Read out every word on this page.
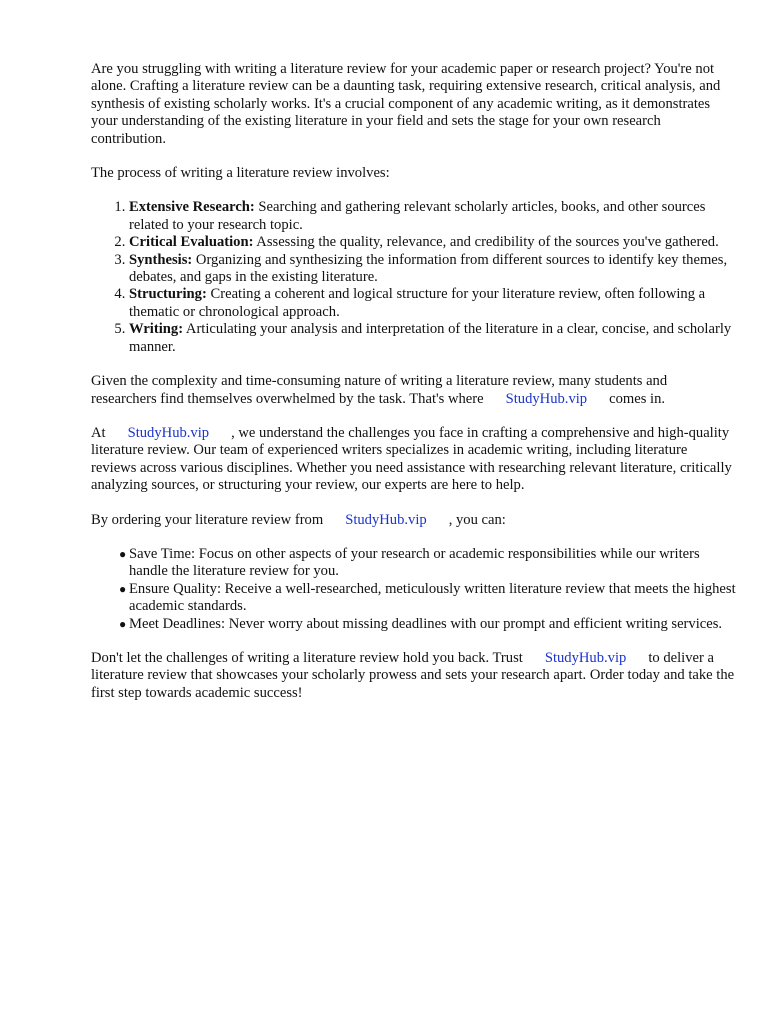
Are you struggling with writing a literature review for your academic paper or research project? You're not alone. Crafting a literature review can be a daunting task, requiring extensive research, critical analysis, and synthesis of existing scholarly works. It's a crucial component of any academic writing, as it demonstrates your understanding of the existing literature in your field and sets the stage for your own research contribution.

The process of writing a literature review involves:

1. Extensive Research: Searching and gathering relevant scholarly articles, books, and other sources related to your research topic.
2. Critical Evaluation: Assessing the quality, relevance, and credibility of the sources you've gathered.
3. Synthesis: Organizing and synthesizing the information from different sources to identify key themes, debates, and gaps in the existing literature.
4. Structuring: Creating a coherent and logical structure for your literature review, often following a thematic or chronological approach.
5. Writing: Articulating your analysis and interpretation of the literature in a clear, concise, and scholarly manner.

Given the complexity and time-consuming nature of writing a literature review, many students and researchers find themselves overwhelmed by the task. That's where StudyHub.vip comes in.

At StudyHub.vip , we understand the challenges you face in crafting a comprehensive and high-quality literature review. Our team of experienced writers specializes in academic writing, including literature reviews across various disciplines. Whether you need assistance with researching relevant literature, critically analyzing sources, or structuring your review, our experts are here to help.

By ordering your literature review from StudyHub.vip , you can:

● Save Time: Focus on other aspects of your research or academic responsibilities while our writers handle the literature review for you.
● Ensure Quality: Receive a well-researched, meticulously written literature review that meets the highest academic standards.
● Meet Deadlines: Never worry about missing deadlines with our prompt and efficient writing services.

Don't let the challenges of writing a literature review hold you back. Trust StudyHub.vip to deliver a literature review that showcases your scholarly prowess and sets your research apart. Order today and take the first step towards academic success!
